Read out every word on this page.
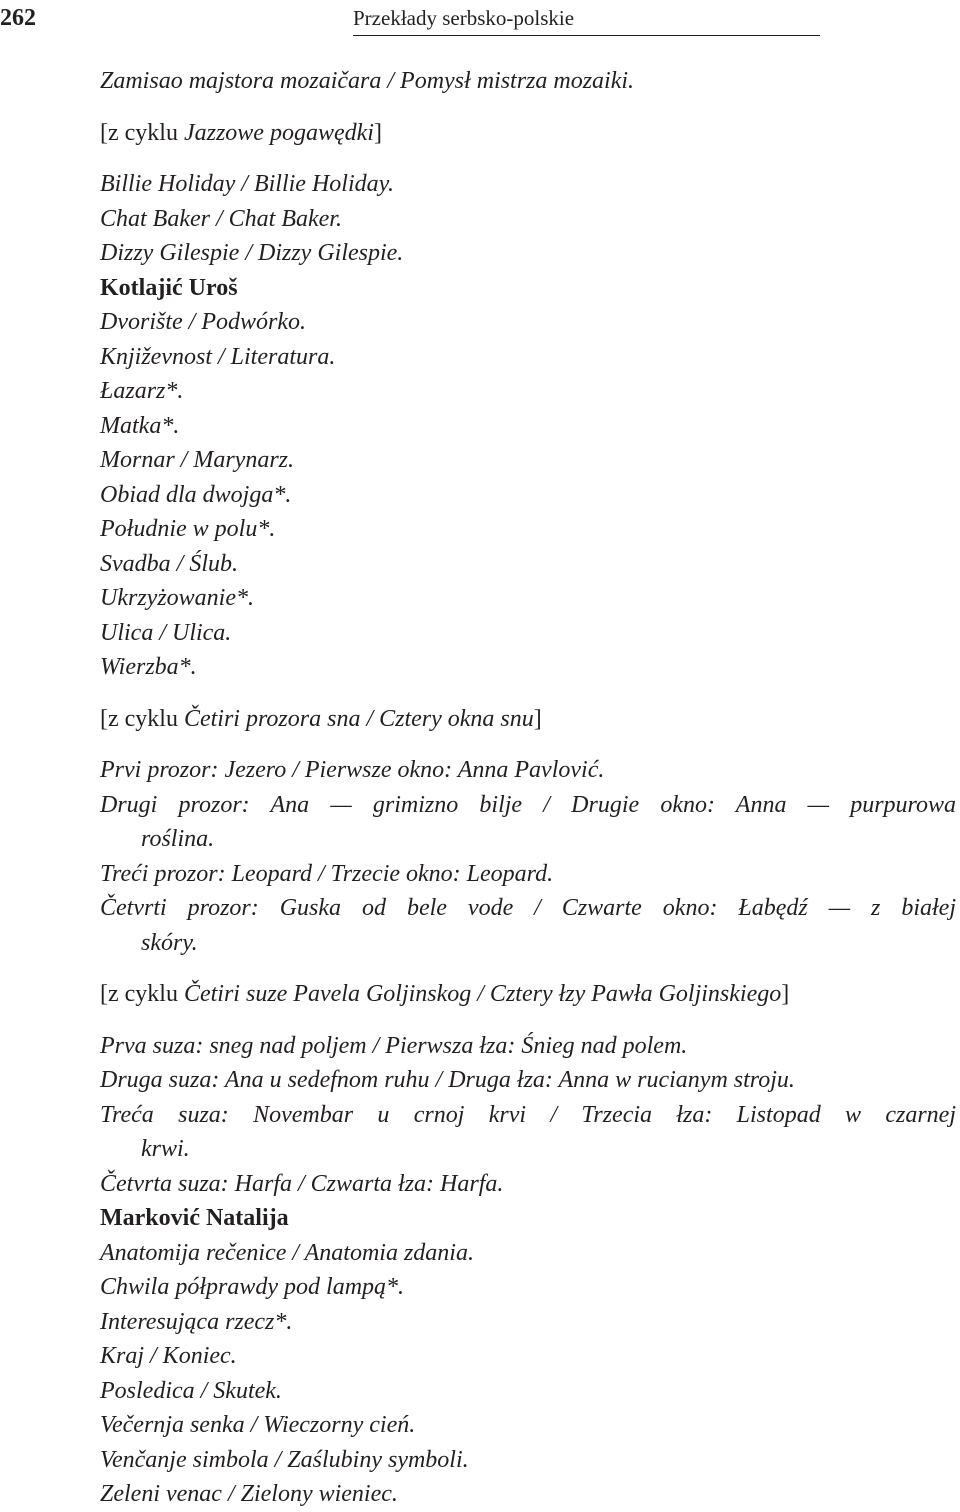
262	Przekłady serbsko-polskie
Zamisao majstora mozaičara / Pomysł mistrza mozaiki.
[z cyklu Jazzowe pogawędki]
Billie Holiday / Billie Holiday.
Chat Baker / Chat Baker.
Dizzy Gilespie / Dizzy Gilespie.
Kotlajić Uroš
Dvorište / Podwórko.
Književnost / Literatura.
Łazarz*.
Matka*.
Mornar / Marynarz.
Obiad dla dwojga*.
Południe w polu*.
Svadba / Ślub.
Ukrzyżowanie*.
Ulica / Ulica.
Wierzba*.
[z cyklu Četiri prozora sna / Cztery okna snu]
Prvi prozor: Jezero / Pierwsze okno: Anna Pavlović.
Drugi prozor: Ana — grimizno bilje / Drugie okno: Anna — purpurowa
roślina.
Treći prozor: Leopard / Trzecie okno: Leopard.
Četvrti prozor: Guska od bele vode / Czwarte okno: Łabędź — z białej
skóry.
[z cyklu Četiri suze Pavela Goljinskog / Cztery łzy Pawła Goljinskiego]
Prva suza: sneg nad poljem / Pierwsza łza: Śnieg nad polem.
Druga suza: Ana u sedefnom ruhu / Druga łza: Anna w rucianym stroju.
Treća suza: Novembar u crnoj krvi / Trzecia łza: Listopad w czarnej
krwi.
Četvrta suza: Harfa / Czwarta łza: Harfa.
Marković Natalija
Anatomija rečenice / Anatomia zdania.
Chwila półprawdy pod lampą*.
Interesująca rzecz*.
Kraj / Koniec.
Posledica / Skutek.
Večernja senka / Wieczorny cień.
Venčanje simbola / Zaślubiny symboli.
Zeleni venac / Zielony wieniec.
